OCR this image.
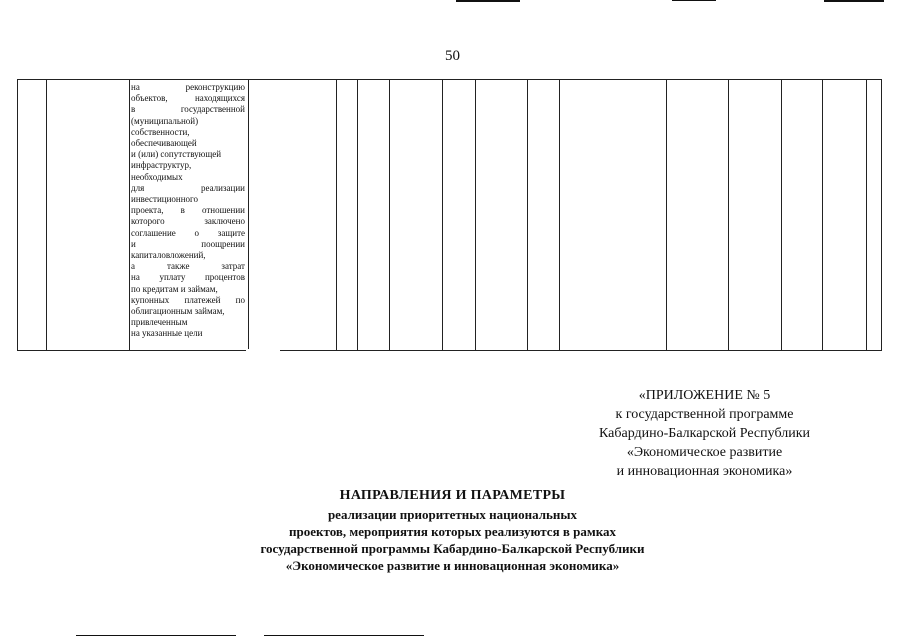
50
на реконструкцию
объектов, находящихся
в государственной
(муниципальной)
собственности,
обеспечивающей
и (или) сопутствующей
инфраструктур,
необходимых
для реализации
инвестиционного
проекта, в отношении
которого заключено
соглашение о защите
и поощрении
капиталовложений,
а также затрат
на уплату процентов
по кредитам и займам,
купонных платежей по
облигационным займам,
привлеченным
на указанные цели
«ПРИЛОЖЕНИЕ № 5
к государственной программе
Кабардино-Балкарской Республики
«Экономическое развитие
и инновационная экономика»
НАПРАВЛЕНИЯ И ПАРАМЕТРЫ
реализации приоритетных национальных
проектов, мероприятия которых реализуются в рамках
государственной программы Кабардино-Балкарской Республики
«Экономическое развитие и инновационная экономика»
